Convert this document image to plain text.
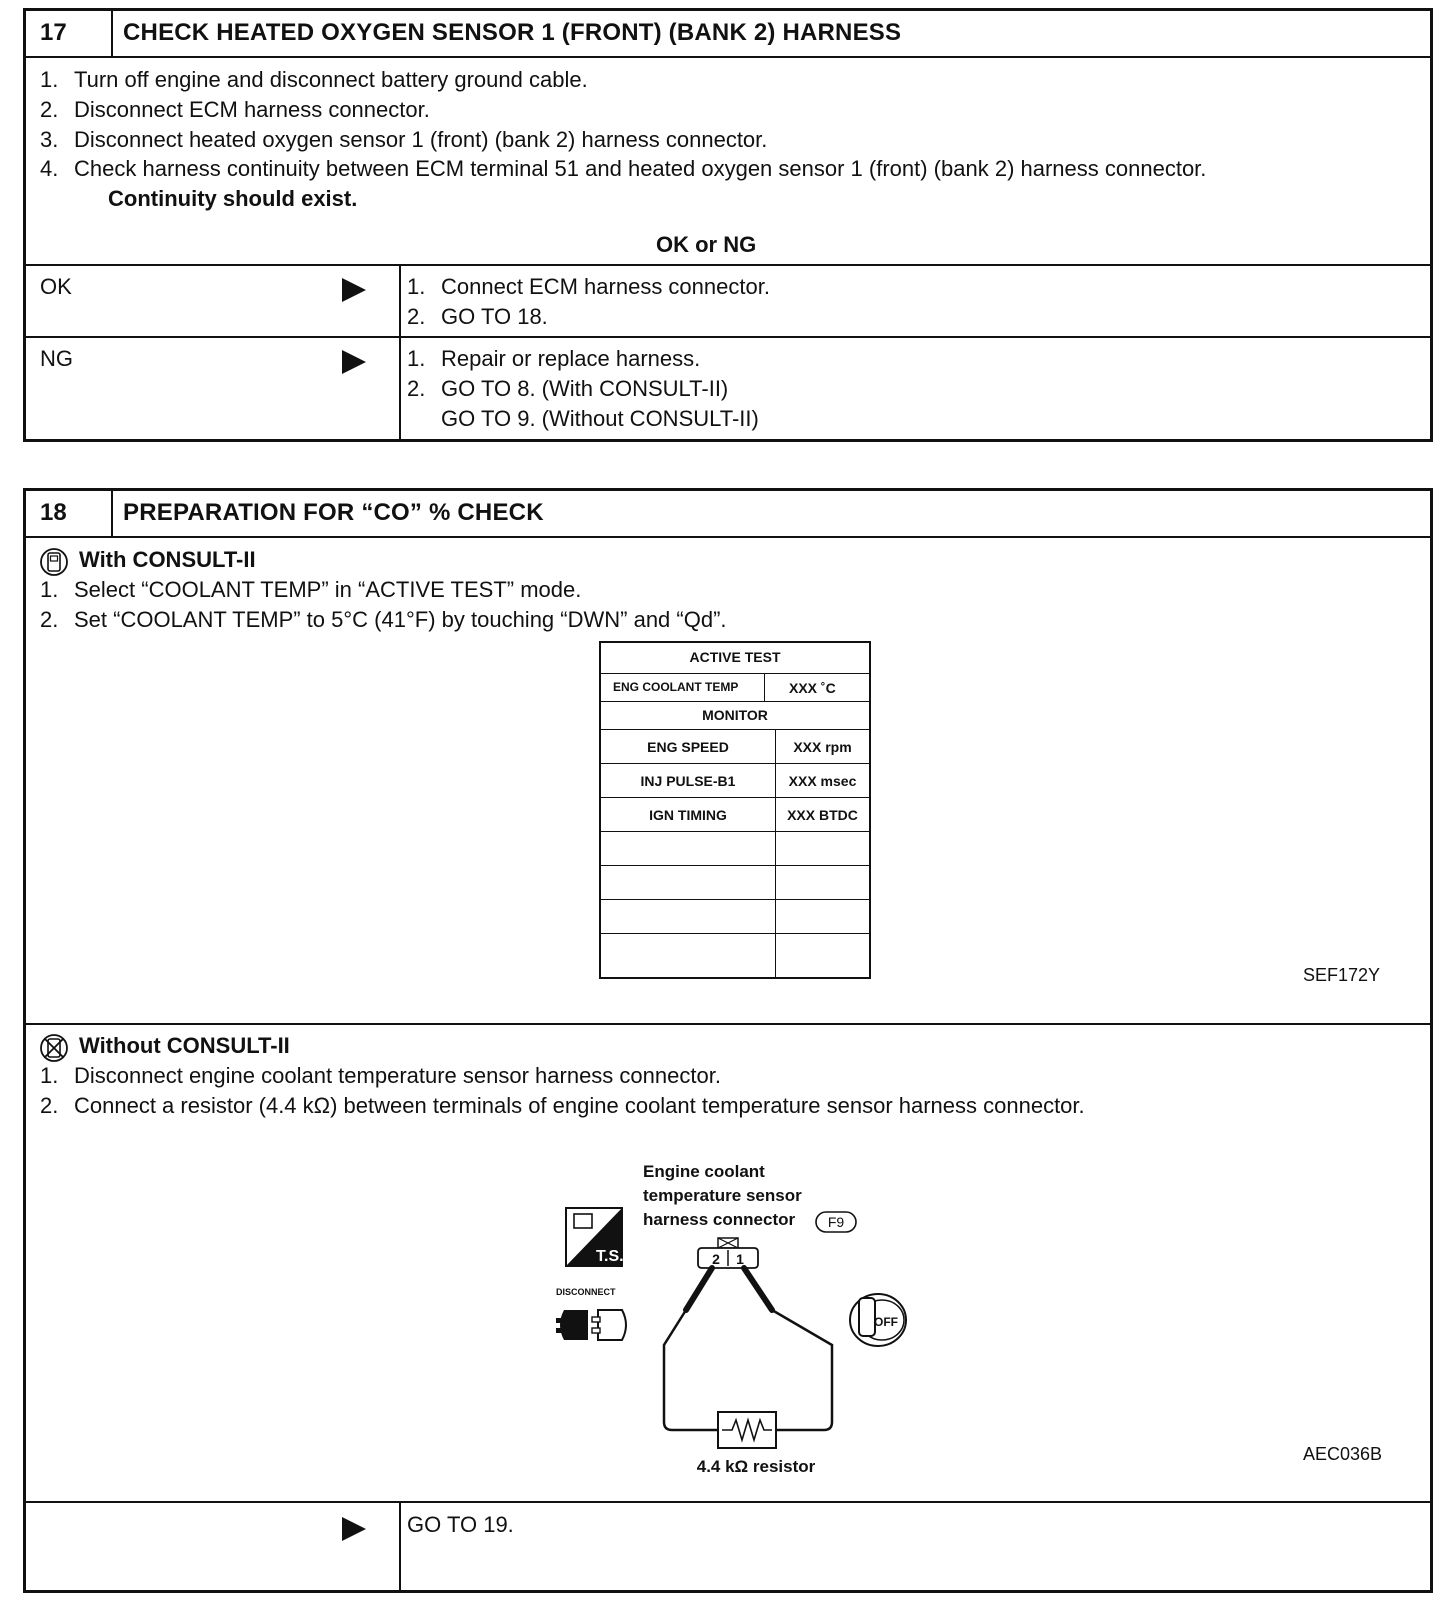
17 CHECK HEATED OXYGEN SENSOR 1 (FRONT) (BANK 2) HARNESS
1. Turn off engine and disconnect battery ground cable.
2. Disconnect ECM harness connector.
3. Disconnect heated oxygen sensor 1 (front) (bank 2) harness connector.
4. Check harness continuity between ECM terminal 51 and heated oxygen sensor 1 (front) (bank 2) harness connector.
Continuity should exist.
OK or NG
OK	1. Connect ECM harness connector.
2. GO TO 18.
NG	1. Repair or replace harness.
2. GO TO 8. (With CONSULT-II)
GO TO 9. (Without CONSULT-II)
18 PREPARATION FOR “CO” % CHECK
With CONSULT-II
1. Select “COOLANT TEMP” in “ACTIVE TEST” mode.
2. Set “COOLANT TEMP” to 5°C (41°F) by touching “DWN” and “Qd”.
ACTIVE TEST
ENG COOLANT TEMP	XXX ˚C
MONITOR
ENG SPEED	XXX rpm
INJ PULSE-B1	XXX msec
IGN TIMING	XXX BTDC
SEF172Y
Without CONSULT-II
1. Disconnect engine coolant temperature sensor harness connector.
2. Connect a resistor (4.4 kΩ) between terminals of engine coolant temperature sensor harness connector.
T.S.
DISCONNECT
Engine coolant
temperature sensor
harness connector F9
2 1
4.4 kΩ resistor
OFF
AEC036B
GO TO 19.
